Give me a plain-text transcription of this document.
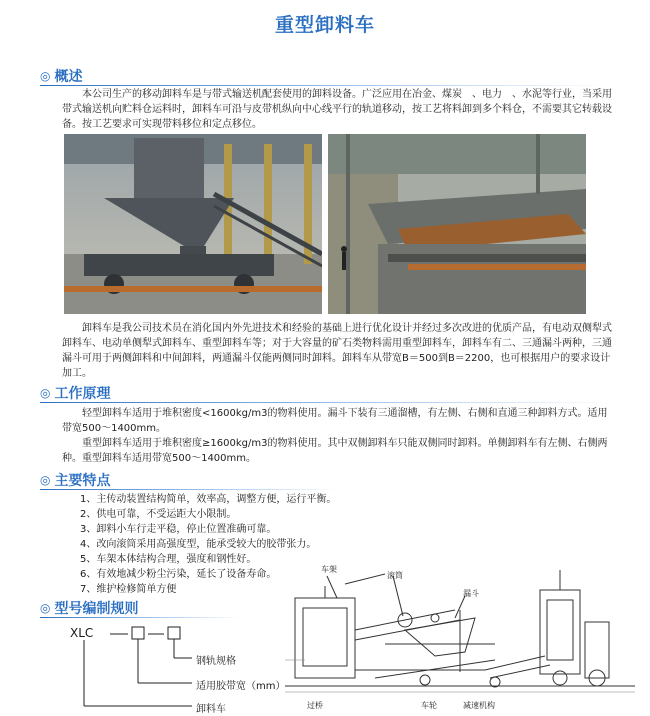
重型卸料车
◎ 概述
本公司生产的移动卸料车是与带式输送机配套使用的卸料设备。广泛应用在冶金、煤炭　、电力　、水泥等行业，当采用带式输送机向贮料仓运料时，卸料车可沿与皮带机纵向中心线平行的轨道移动，按工艺将料卸到多个料仓，不需要其它转载设备。按工艺要求可实现带料移位和定点移位。
卸料车是我公司技术员在消化国内外先进技术和经验的基础上进行优化设计并经过多次改进的优质产品，有电动双侧犁式卸料车、电动单侧犁式卸料车、重型卸料车等；对于大容量的矿石类物料需用重型卸料车，卸料车有二、三通漏斗两种，三通漏斗可用于两侧卸料和中间卸料，两通漏斗仅能两侧同时卸料。卸料车从带宽B＝500到B＝2200，也可根据用户的要求设计加工。
◎ 工作原理
轻型卸料车适用于堆积密度<1600kg/m3的物料使用。漏斗下装有三通溜槽，有左侧、右侧和直通三种卸料方式。适用带宽500～1400mm。
重型卸料车适用于堆积密度≥1600kg/m3的物料使用。其中双侧卸料车只能双侧同时卸料。单侧卸料车有左侧、右侧两种。重型卸料车适用带宽500～1400mm。
◎ 主要特点
1、主传动装置结构简单，效率高，调整方便，运行平衡。
2、供电可靠，不受运距大小限制。
3、卸料小车行走平稳，停止位置准确可靠。
4、改向滚筒采用高强度型，能承受较大的胶带张力。
5、车架本体结构合理，强度和钢性好。
6、有效地减少粉尘污染，延长了设备寿命。
7、维护检修简单方便
◎ 型号编制规则
XLC
钢轨规格
适用胶带宽（mm）
卸料车
车架
滚筒
漏斗
过桥	车轮	减速机构
